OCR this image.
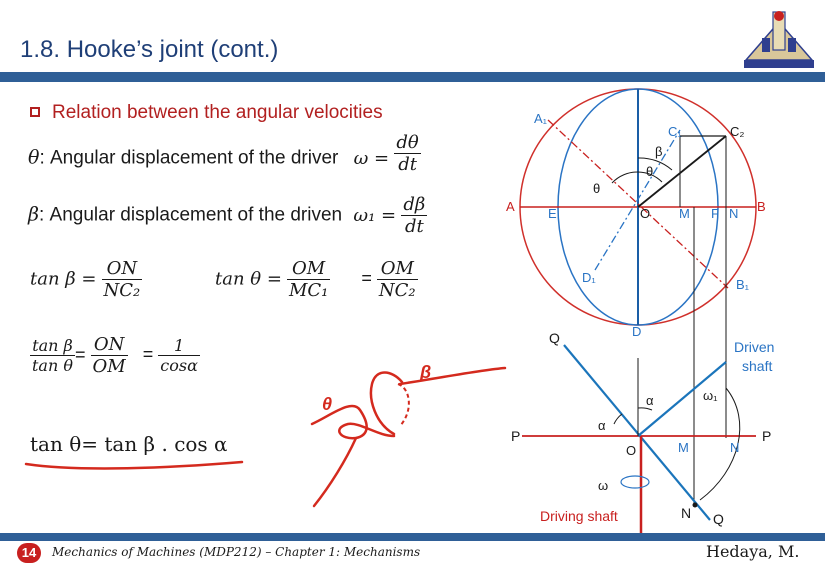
1.8. Hooke’s joint (cont.)
Relation between the angular velocities
θ: Angular displacement of the driver $\omega = \frac{d\theta}{dt}$
β: Angular displacement of the driven $\omega_1 = \frac{d\beta}{dt}$
$\tan \beta = \frac{ON}{\text{NC₂}}$	$\tan \theta = \frac{OM}{\text{MC₁}} = \frac{OM}{\text{NC₂}}$
$\frac{\text{tan β}}{\text{tan θ}} = \frac{ON}{OM} = \frac{1}{\cos\alpha}$
tan θ= tan β . cos α
θ
β
A₁
A	E	O M F N B
C₁	C₂
β
θ
θ
D₁
D
B₁
Q
P	P
O	M	N
N Q
α
α
ω
ω₁
Driven
shaft
Driving shaft
14	Mechanics of Machines (MDP212) – Chapter 1: Mechanisms	Hedaya, M.
